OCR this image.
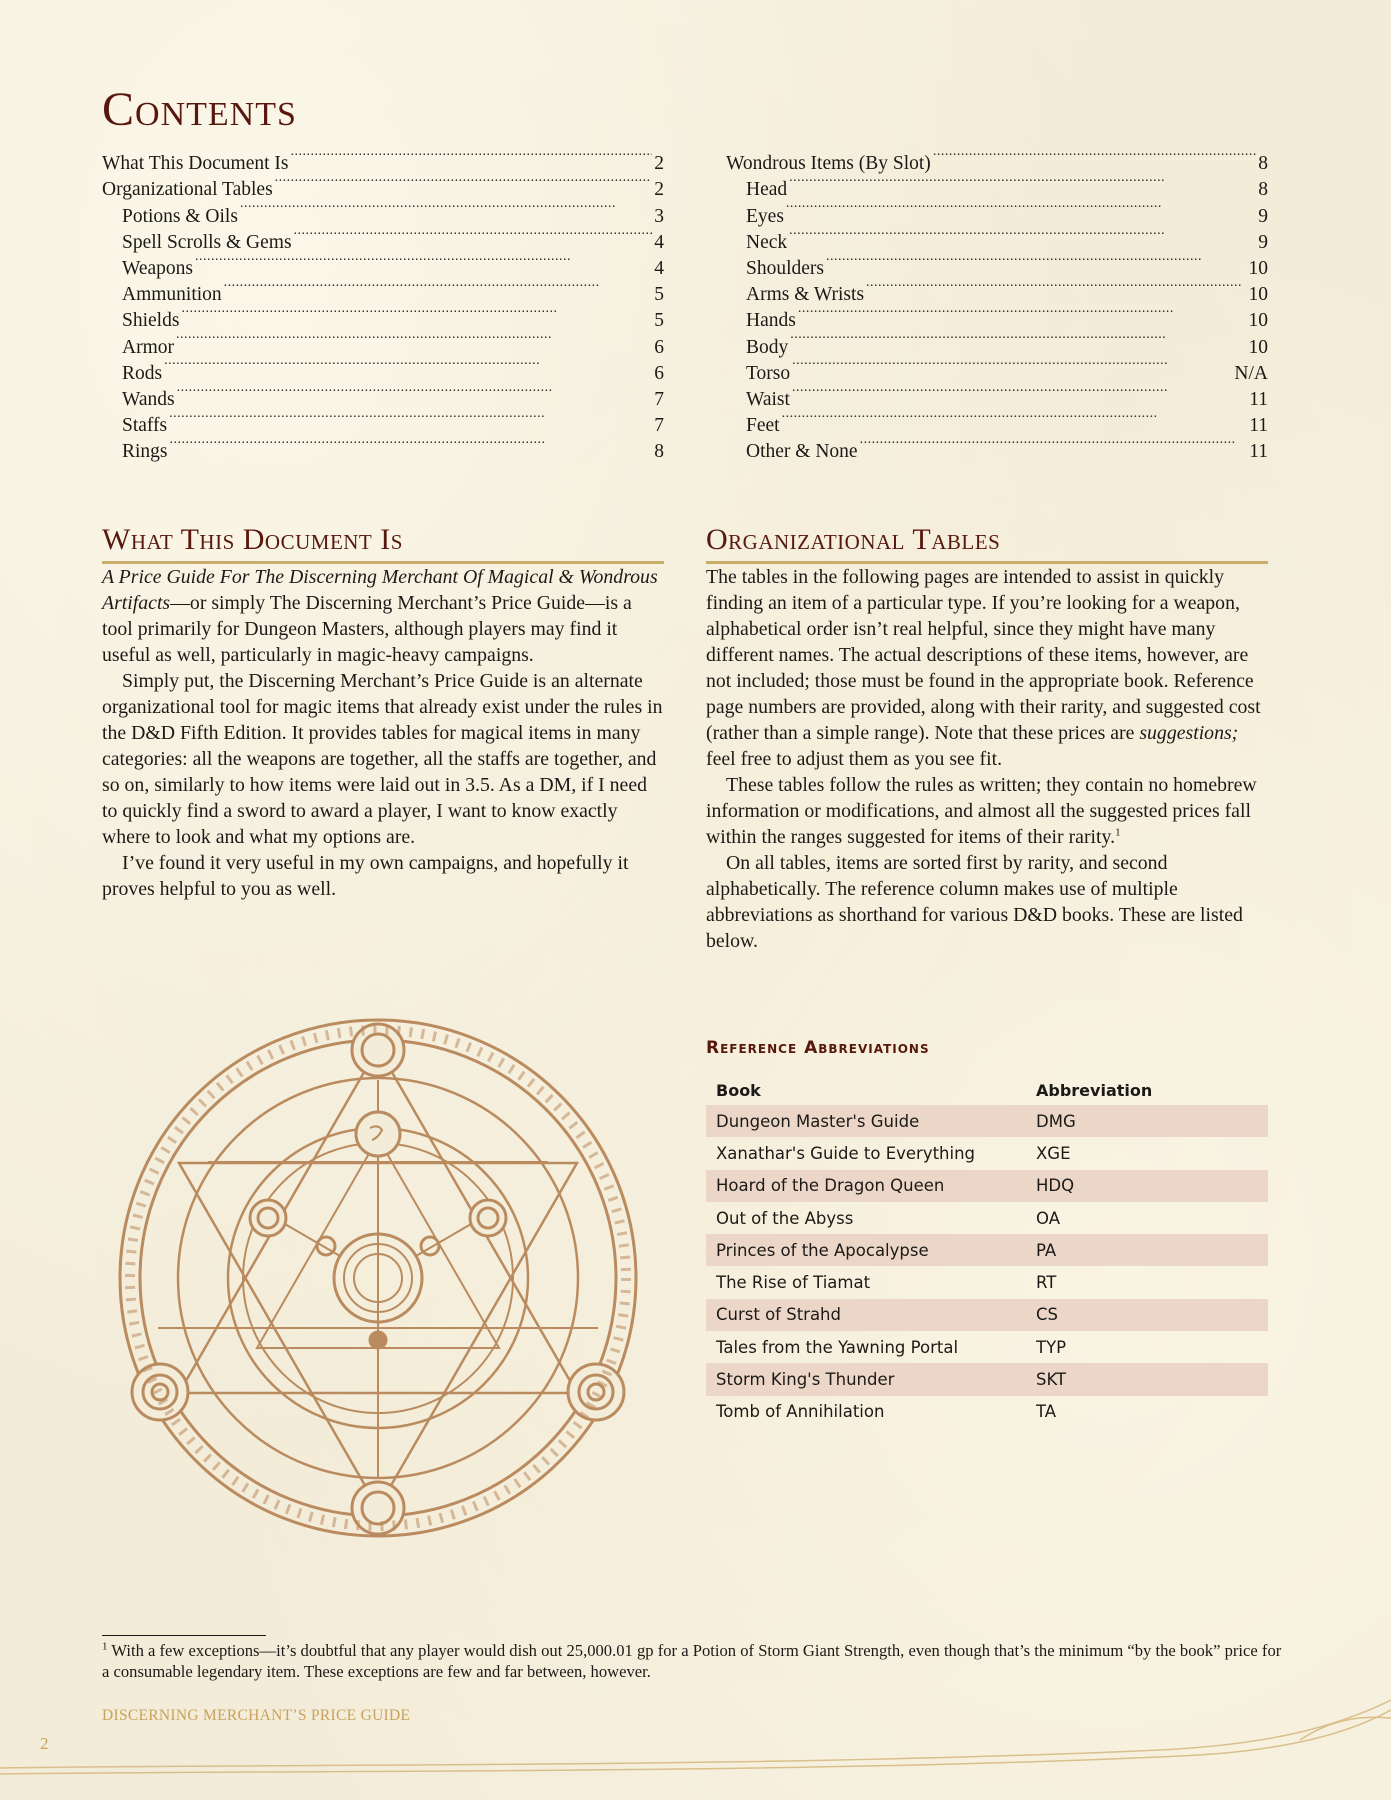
Contents
What This Document Is . . .	2
Organizational Tables . . .	2
Potions & Oils . . .	3
Spell Scrolls & Gems . . .	4
Weapons . . .	4
Ammunition . . .	5
Shields . . .	5
Armor . . .	6
Rods . . .	6
Wands . . .	7
Staffs . . .	7
Rings . . .	8
Wondrous Items (By Slot) . . .	8
Head . . .	8
Eyes . . .	9
Neck . . .	9
Shoulders . . .	10
Arms & Wrists . . .	10
Hands . . .	10
Body . . .	10
Torso . . .	N/A
Waist . . .	11
Feet . . .	11
Other & None . . .	11
What This Document Is

A Price Guide For The Discerning Merchant Of Magical & Wondrous Artifacts—or simply The Discerning Merchant’s Price Guide—is a tool primarily for Dungeon Masters, although players may find it useful as well, particularly in magic-heavy campaigns.

Simply put, the Discerning Merchant’s Price Guide is an alternate organizational tool for magic items that already exist under the rules in the D&D Fifth Edition. It provides tables for magical items in many categories: all the weapons are together, all the staffs are together, and so on, similarly to how items were laid out in 3.5. As a DM, if I need to quickly find a sword to award a player, I want to know exactly where to look and what my options are.

I’ve found it very useful in my own campaigns, and hopefully it proves helpful to you as well.

Organizational Tables

The tables in the following pages are intended to assist in quickly finding an item of a particular type. If you’re looking for a weapon, alphabetical order isn’t real helpful, since they might have many different names. The actual descriptions of these items, however, are not included; those must be found in the appropriate book. Reference page numbers are provided, along with their rarity, and suggested cost (rather than a simple range). Note that these prices are suggestions; feel free to adjust them as you see fit.

These tables follow the rules as written; they contain no homebrew information or modifications, and almost all the suggested prices fall within the ranges suggested for items of their rarity.$^1$

On all tables, items are sorted first by rarity, and second alphabetically. The reference column makes use of multiple abbreviations as shorthand for various D&D books. These are listed below.

Reference Abbreviations
Book	Abbreviation
Dungeon Master's Guide	DMG
Xanathar's Guide to Everything	XGE
Hoard of the Dragon Queen	HDQ
Out of the Abyss	OA
Princes of the Apocalypse	PA
The Rise of Tiamat	RT
Curst of Strahd	CS
Tales from the Yawning Portal	TYP
Storm King's Thunder	SKT
Tomb of Annihilation	TA

$^1$ With a few exceptions—it’s doubtful that any player would dish out 25,000.01 gp for a Potion of Storm Giant Strength, even though that’s the minimum “by the book” price for a consumable legendary item. These exceptions are few and far between, however.

DISCERNING MERCHANT’S PRICE GUIDE
2
